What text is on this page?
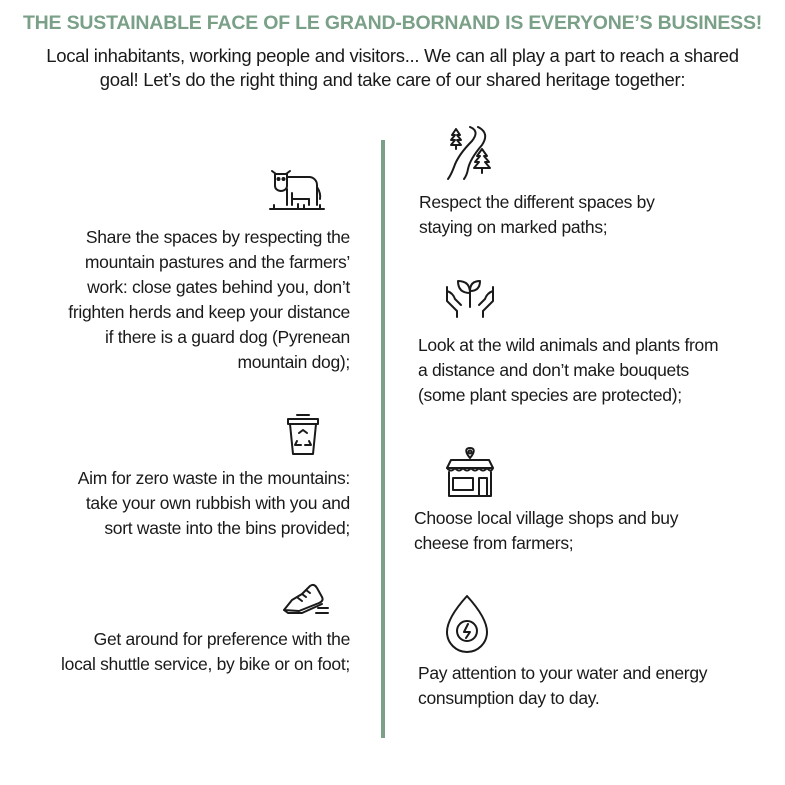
THE SUSTAINABLE FACE OF LE GRAND-BORNAND IS EVERYONE’S BUSINESS!
Local inhabitants, working people and visitors... We can all play a part to reach a shared
goal! Let’s do the right thing and take care of our shared heritage together:
Share the spaces by respecting the
mountain pastures and the farmers’
work: close gates behind you, don’t
frighten herds and keep your distance
if there is a guard dog (Pyrenean
mountain dog);
Aim for zero waste in the mountains:
take your own rubbish with you and
sort waste into the bins provided;
Get around for preference with the
local shuttle service, by bike or on foot;
Respect the different spaces by
staying on marked paths;
Look at the wild animals and plants from
a distance and don’t make bouquets
(some plant species are protected);
Choose local village shops and buy
cheese from farmers;
Pay attention to your water and energy
consumption day to day.
